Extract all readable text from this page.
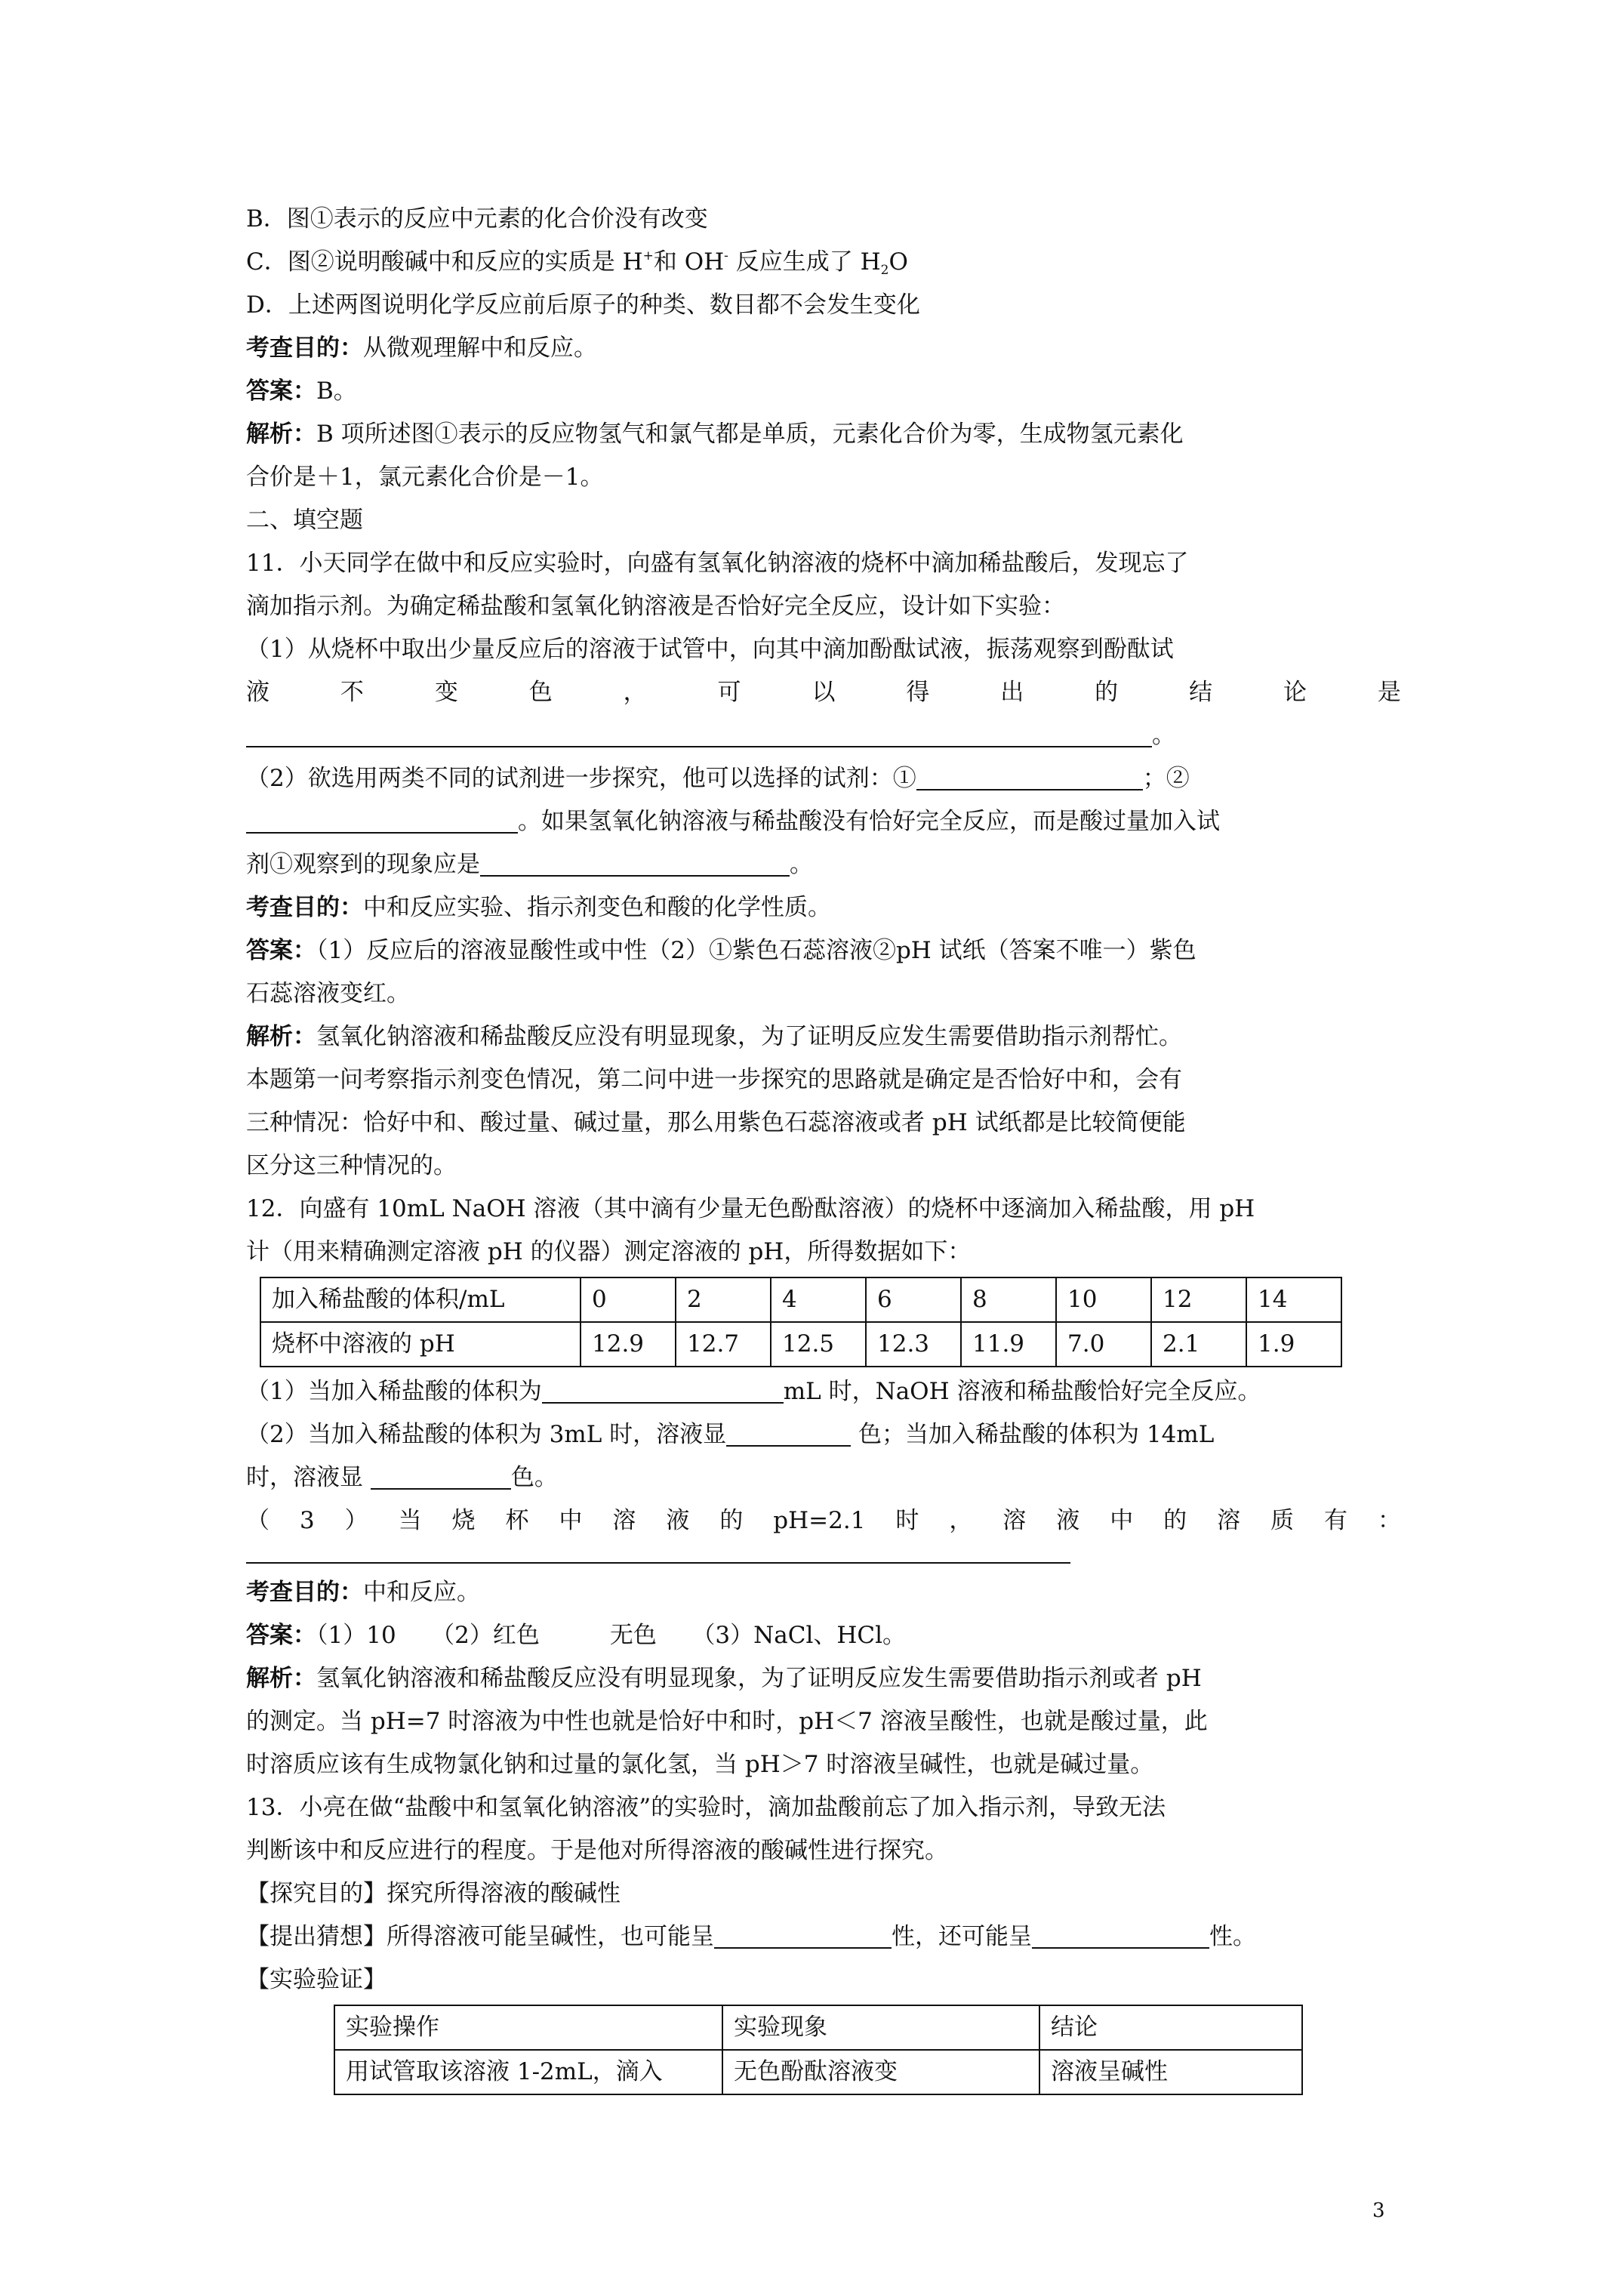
B．图①表示的反应中元素的化合价没有改变
C．图②说明酸碱中和反应的实质是 H+和 OH- 反应生成了 $H_2O$
D．上述两图说明化学反应前后原子的种类、数目都不会发生变化
考查目的：从微观理解中和反应。
答案：B。
解析：B 项所述图①表示的反应物氢气和氯气都是单质，元素化合价为零，生成物氢元素化
合价是＋1，氯元素化合价是－1。
二、填空题
11．小天同学在做中和反应实验时，向盛有氢氧化钠溶液的烧杯中滴加稀盐酸后，发现忘了
滴加指示剂。为确定稀盐酸和氢氧化钠溶液是否恰好完全反应，设计如下实验：
（1）从烧杯中取出少量反应后的溶液于试管中，向其中滴加酚酞试液，振荡观察到酚酞试
液	不	变	色	，	可	以	得	出	的	结	论	是
。
（2）欲选用两类不同的试剂进一步探究，他可以选择的试剂：①	；②
。如果氢氧化钠溶液与稀盐酸没有恰好完全反应，而是酸过量加入试
剂①观察到的现象应是	。
考查目的：中和反应实验、指示剂变色和酸的化学性质。
答案：（1）反应后的溶液显酸性或中性（2）①紫色石蕊溶液②pH 试纸（答案不唯一）紫色
石蕊溶液变红。
解析：氢氧化钠溶液和稀盐酸反应没有明显现象，为了证明反应发生需要借助指示剂帮忙。
本题第一问考察指示剂变色情况，第二问中进一步探究的思路就是确定是否恰好中和，会有
三种情况：恰好中和、酸过量、碱过量，那么用紫色石蕊溶液或者 pH 试纸都是比较简便能
区分这三种情况的。
12．向盛有 10mL NaOH 溶液（其中滴有少量无色酚酞溶液）的烧杯中逐滴加入稀盐酸，用 pH
计（用来精确测定溶液 pH 的仪器）测定溶液的 pH，所得数据如下：
加入稀盐酸的体积/mL	0	2	4	6	8	10	12	14
烧杯中溶液的 pH	12.9	12.7	12.5	12.3	11.9	7.0	2.1	1.9
（1）当加入稀盐酸的体积为	mL 时，NaOH 溶液和稀盐酸恰好完全反应。
（2）当加入稀盐酸的体积为 3mL 时，溶液显	色；当加入稀盐酸的体积为 14mL
时，溶液显	色。
（ 3 ） 当 烧 杯 中 溶 液 的 pH=2.1 时 ， 溶 液 中 的 溶 质 有 ：
考查目的：中和反应。
答案：（1）10　　（2）红色　　　无色　　（3）NaCl、HCl。
解析：氢氧化钠溶液和稀盐酸反应没有明显现象，为了证明反应发生需要借助指示剂或者 pH
的测定。当 pH=7 时溶液为中性也就是恰好中和时，pH＜7 溶液呈酸性，也就是酸过量，此
时溶质应该有生成物氯化钠和过量的氯化氢，当 pH＞7 时溶液呈碱性，也就是碱过量。
13．小亮在做“盐酸中和氢氧化钠溶液”的实验时，滴加盐酸前忘了加入指示剂，导致无法
判断该中和反应进行的程度。于是他对所得溶液的酸碱性进行探究。
【探究目的】探究所得溶液的酸碱性
【提出猜想】所得溶液可能呈碱性，也可能呈	性，还可能呈	性。
【实验验证】
实验操作	实验现象	结论
用试管取该溶液 1-2mL，滴入	无色酚酞溶液变	溶液呈碱性
3
